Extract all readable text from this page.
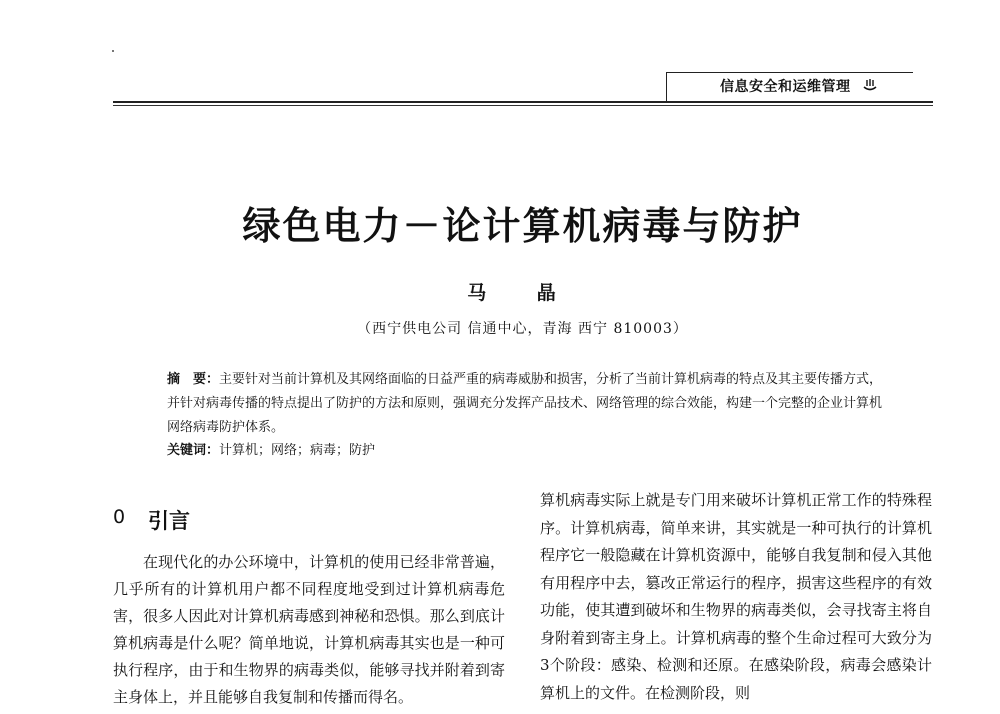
信息安全和运维管理
绿色电力－论计算机病毒与防护
马 晶
（西宁供电公司 信通中心，青海 西宁 810003）
摘　要：主要针对当前计算机及其网络面临的日益严重的病毒威胁和损害，分析了当前计算机病毒的特点及其主要传播方式，并针对病毒传播的特点提出了防护的方法和原则，强调充分发挥产品技术、网络管理的综合效能，构建一个完整的企业计算机网络病毒防护体系。
关键词：计算机；网络；病毒；防护
0 引言
在现代化的办公环境中，计算机的使用已经非常普遍，几乎所有的计算机用户都不同程度地受到过计算机病毒危害，很多人因此对计算机病毒感到神秘和恐惧。那么到底计算机病毒是什么呢？简单地说，计算机病毒其实也是一种可执行程序，由于和生物界的病毒类似，能够寻找并附着到寄主身体上，并且能够自我复制和传播而得名。
算机病毒实际上就是专门用来破坏计算机正常工作的特殊程序。计算机病毒，简单来讲，其实就是一种可执行的计算机程序它一般隐藏在计算机资源中，能够自我复制和侵入其他有用程序中去，篡改正常运行的程序，损害这些程序的有效功能，使其遭到破坏和生物界的病毒类似，会寻找寄主将自身附着到寄主身上。计算机病毒的整个生命过程可大致分为3个阶段：感染、检测和还原。在感染阶段，病毒会感染计算机上的文件。在检测阶段，则
